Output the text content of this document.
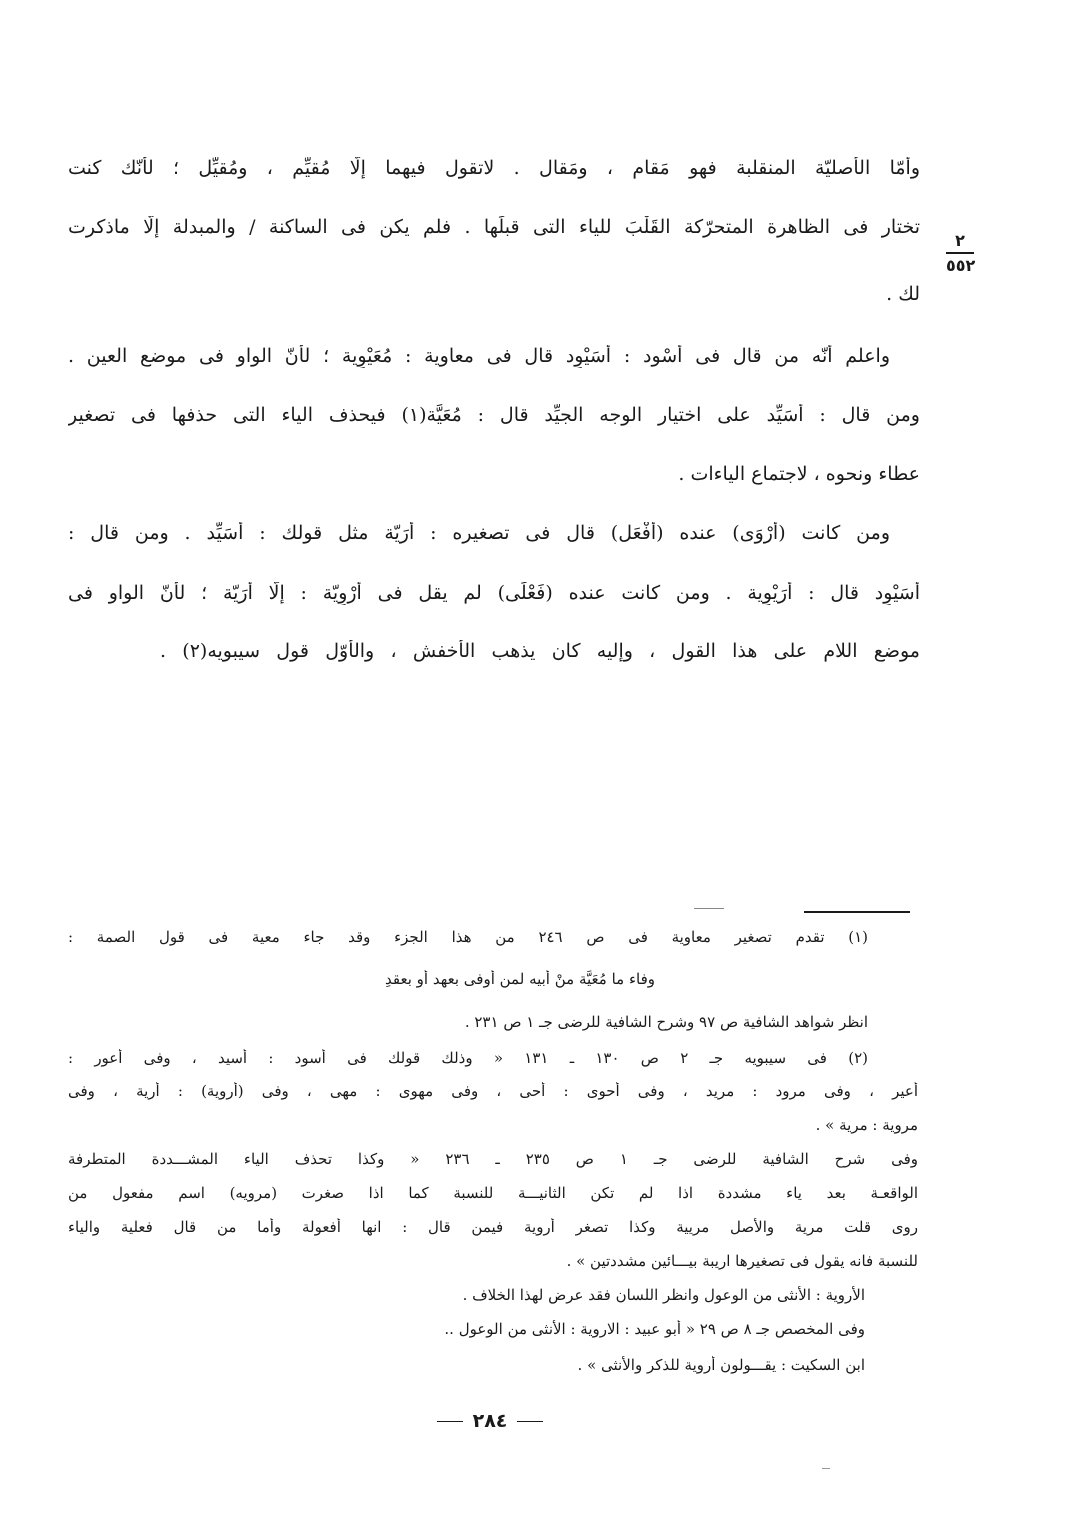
وأمّا الأَصليّة المنقلبة فهو مَقام ، ومَقال . لاتقول فيهما إلّا مُقيِّم ، ومُقيِّل ؛ لأنّك كنت
تختار فى الظاهرة المتحرّكة القَلْبَ للياء التى قبلَها . فلم يكن فى الساكنة / والمبدلة إلّا ماذكرت
لك .
واعلم أنّه من قال فى أَسْود : أُسَيْوِد قال فى معاوية : مُعَيْوِية ؛ لأنّ الواو فى موضع العين .
ومن قال : أُسَيِّد على اختيار الوجه الجيِّد قال : مُعَيَّة(١) فيحذف الياء التى حذفها فى تصغير
عطاء ونحوه ، لاجتماع الياءات .
ومن كانت (أَرْوَى) عنده (أَفْعَل) قال فى تصغيره : أُرَيّة مثل قولك : أُسَيِّد . ومن قال :
أُسَيْوِد قال : أُرَيْوِية . ومن كانت عنده (فَعْلَى) لم يقل فى أُرْوِيّة : إلّا أُرَيّة ؛ لأنّ الواو فى
موضع اللام على هذا القول ، وإليه كان يذهب الأَخفش ، والأَوّل قول سيبويه(٢) .
٢
٥٥٢
(١) تقدم تصغير معاوية فى ص ٢٤٦ من هذا الجزء وقد جاء معية فى قول الصمة :
وفاء ما مُعَيَّة منْ أَبيه لمن أوفى بعهد أَو بعقدِ
انظر شواهد الشافية ص ٩٧ وشرح الشافية للرضى جـ ١ ص ٢٣١ .
(٢) فى سيبويه جـ ٢ ص ١٣٠ ـ ١٣١ « وذلك قولك فى أسود : أسيد ، وفى أعور :
أعير ، وفى مرود : مريد ، وفى أحوى : أحى ، وفى مهوى : مهى ، وفى (أروية) : أرية ، وفى
مروية : مرية » .
وفى شرح الشافية للرضى جـ ١ ص ٢٣٥ ـ ٢٣٦ « وكذا تحذف الياء المشـــددة المتطرفة
الواقعـة بعد ياء مشددة اذا لم تكن الثانيـــة للنسبة كما اذا صغرت (مرويه) اسم مفعول من
روى قلت مرية والأصل مريية وكذا تصغر أروية فيمن قال : انها أفعولة وأما من قال فعلية والياء
للنسبة فانه يقول فى تصغيرها اريبة بيـــائين مشددتين » .
الأروية : الأنثى من الوعول وانظر اللسان فقد عرض لهذا الخلاف .
وفى المخصص جـ ٨ ص ٢٩ « أبو عبيد : الاروية : الأنثى من الوعول ..
ابن السكيت : يقـــولون أروية للذكر والأنثى » .
٢٨٤
